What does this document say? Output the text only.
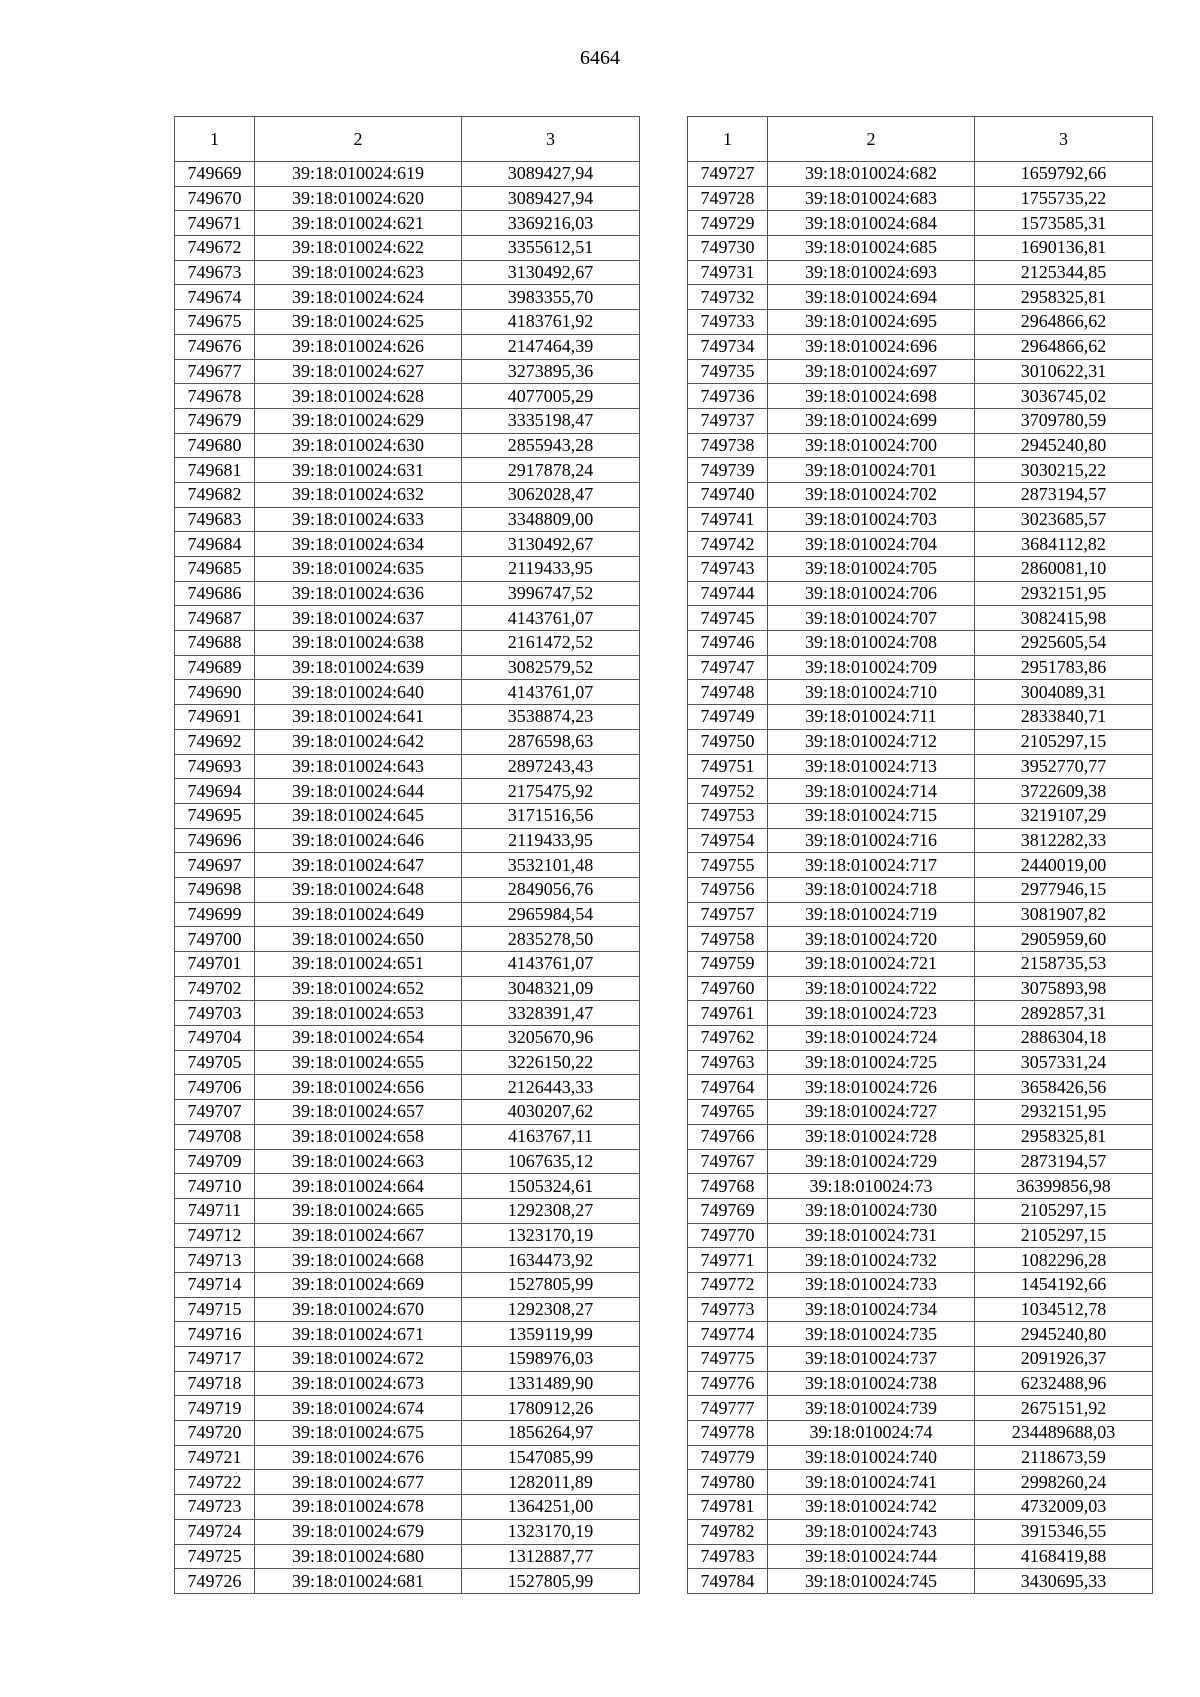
6464
1	2	3
749669	39:18:010024:619	3089427,94
749670	39:18:010024:620	3089427,94
749671	39:18:010024:621	3369216,03
749672	39:18:010024:622	3355612,51
749673	39:18:010024:623	3130492,67
749674	39:18:010024:624	3983355,70
749675	39:18:010024:625	4183761,92
749676	39:18:010024:626	2147464,39
749677	39:18:010024:627	3273895,36
749678	39:18:010024:628	4077005,29
749679	39:18:010024:629	3335198,47
749680	39:18:010024:630	2855943,28
749681	39:18:010024:631	2917878,24
749682	39:18:010024:632	3062028,47
749683	39:18:010024:633	3348809,00
749684	39:18:010024:634	3130492,67
749685	39:18:010024:635	2119433,95
749686	39:18:010024:636	3996747,52
749687	39:18:010024:637	4143761,07
749688	39:18:010024:638	2161472,52
749689	39:18:010024:639	3082579,52
749690	39:18:010024:640	4143761,07
749691	39:18:010024:641	3538874,23
749692	39:18:010024:642	2876598,63
749693	39:18:010024:643	2897243,43
749694	39:18:010024:644	2175475,92
749695	39:18:010024:645	3171516,56
749696	39:18:010024:646	2119433,95
749697	39:18:010024:647	3532101,48
749698	39:18:010024:648	2849056,76
749699	39:18:010024:649	2965984,54
749700	39:18:010024:650	2835278,50
749701	39:18:010024:651	4143761,07
749702	39:18:010024:652	3048321,09
749703	39:18:010024:653	3328391,47
749704	39:18:010024:654	3205670,96
749705	39:18:010024:655	3226150,22
749706	39:18:010024:656	2126443,33
749707	39:18:010024:657	4030207,62
749708	39:18:010024:658	4163767,11
749709	39:18:010024:663	1067635,12
749710	39:18:010024:664	1505324,61
749711	39:18:010024:665	1292308,27
749712	39:18:010024:667	1323170,19
749713	39:18:010024:668	1634473,92
749714	39:18:010024:669	1527805,99
749715	39:18:010024:670	1292308,27
749716	39:18:010024:671	1359119,99
749717	39:18:010024:672	1598976,03
749718	39:18:010024:673	1331489,90
749719	39:18:010024:674	1780912,26
749720	39:18:010024:675	1856264,97
749721	39:18:010024:676	1547085,99
749722	39:18:010024:677	1282011,89
749723	39:18:010024:678	1364251,00
749724	39:18:010024:679	1323170,19
749725	39:18:010024:680	1312887,77
749726	39:18:010024:681	1527805,99
1	2	3
749727	39:18:010024:682	1659792,66
749728	39:18:010024:683	1755735,22
749729	39:18:010024:684	1573585,31
749730	39:18:010024:685	1690136,81
749731	39:18:010024:693	2125344,85
749732	39:18:010024:694	2958325,81
749733	39:18:010024:695	2964866,62
749734	39:18:010024:696	2964866,62
749735	39:18:010024:697	3010622,31
749736	39:18:010024:698	3036745,02
749737	39:18:010024:699	3709780,59
749738	39:18:010024:700	2945240,80
749739	39:18:010024:701	3030215,22
749740	39:18:010024:702	2873194,57
749741	39:18:010024:703	3023685,57
749742	39:18:010024:704	3684112,82
749743	39:18:010024:705	2860081,10
749744	39:18:010024:706	2932151,95
749745	39:18:010024:707	3082415,98
749746	39:18:010024:708	2925605,54
749747	39:18:010024:709	2951783,86
749748	39:18:010024:710	3004089,31
749749	39:18:010024:711	2833840,71
749750	39:18:010024:712	2105297,15
749751	39:18:010024:713	3952770,77
749752	39:18:010024:714	3722609,38
749753	39:18:010024:715	3219107,29
749754	39:18:010024:716	3812282,33
749755	39:18:010024:717	2440019,00
749756	39:18:010024:718	2977946,15
749757	39:18:010024:719	3081907,82
749758	39:18:010024:720	2905959,60
749759	39:18:010024:721	2158735,53
749760	39:18:010024:722	3075893,98
749761	39:18:010024:723	2892857,31
749762	39:18:010024:724	2886304,18
749763	39:18:010024:725	3057331,24
749764	39:18:010024:726	3658426,56
749765	39:18:010024:727	2932151,95
749766	39:18:010024:728	2958325,81
749767	39:18:010024:729	2873194,57
749768	39:18:010024:73	36399856,98
749769	39:18:010024:730	2105297,15
749770	39:18:010024:731	2105297,15
749771	39:18:010024:732	1082296,28
749772	39:18:010024:733	1454192,66
749773	39:18:010024:734	1034512,78
749774	39:18:010024:735	2945240,80
749775	39:18:010024:737	2091926,37
749776	39:18:010024:738	6232488,96
749777	39:18:010024:739	2675151,92
749778	39:18:010024:74	234489688,03
749779	39:18:010024:740	2118673,59
749780	39:18:010024:741	2998260,24
749781	39:18:010024:742	4732009,03
749782	39:18:010024:743	3915346,55
749783	39:18:010024:744	4168419,88
749784	39:18:010024:745	3430695,33
